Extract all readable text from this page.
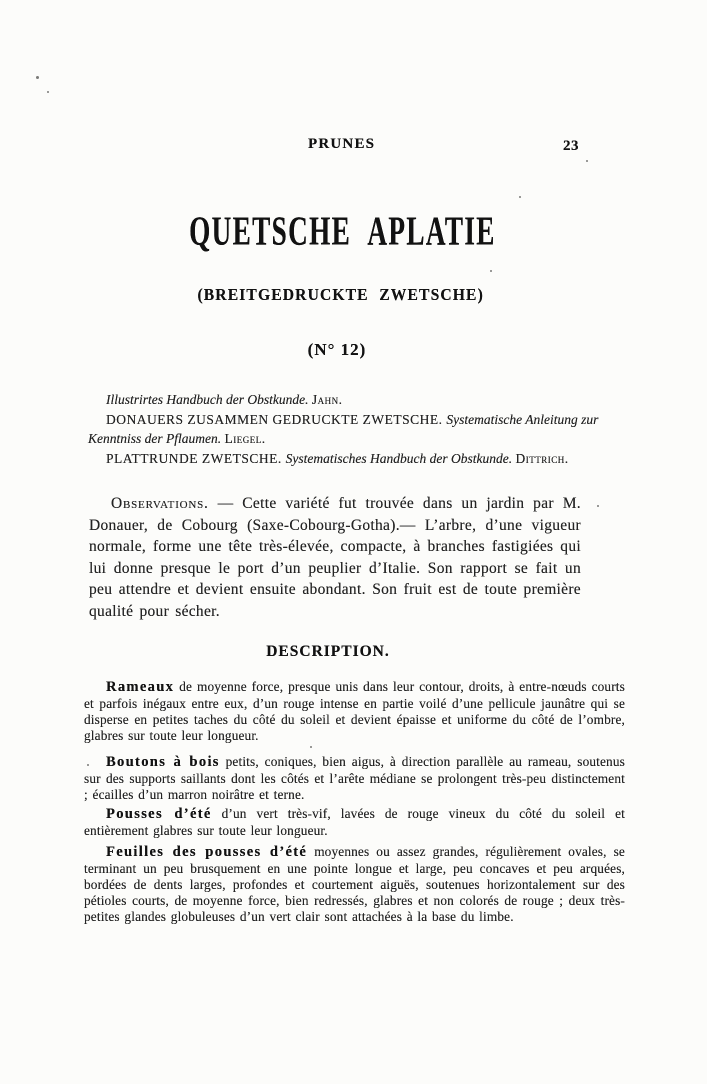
PRUNES	23
QUETSCHE APLATIE
(BREITGEDRUCKTE ZWETSCHE)
(N° 12)

Illustrirtes Handbuch der Obstkunde. Jahn.

DONAUERS ZUSAMMEN GEDRUCKTE ZWETSCHE. Systematische Anleitung zur Kenntniss der Pflaumen. Liegel.

PLATTRUNDE ZWETSCHE. Systematisches Handbuch der Obstkunde. Dittrich.

Observations. — Cette variété fut trouvée dans un jardin par M. Donauer, de Cobourg (Saxe-Cobourg-Gotha).— L’arbre, d’une vigueur normale, forme une tête très-élevée, compacte, à branches fastigiées qui lui donne presque le port d’un peuplier d’Italie. Son rapport se fait un peu attendre et devient ensuite abondant. Son fruit est de toute première qualité pour sécher.

DESCRIPTION.

Rameaux de moyenne force, presque unis dans leur contour, droits, à entre-nœuds courts et parfois inégaux entre eux, d’un rouge intense en partie voilé d’une pellicule jaunâtre qui se disperse en petites taches du côté du soleil et devient épaisse et uniforme du côté de l’ombre, glabres sur toute leur longueur.

Boutons à bois petits, coniques, bien aigus, à direction parallèle au rameau, soutenus sur des supports saillants dont les côtés et l’arête médiane se prolongent très-peu distinctement ; écailles d’un marron noirâtre et terne.

Pousses d’été d’un vert très-vif, lavées de rouge vineux du côté du soleil et entièrement glabres sur toute leur longueur.

Feuilles des pousses d’été moyennes ou assez grandes, régulièrement ovales, se terminant un peu brusquement en une pointe longue et large, peu concaves et peu arquées, bordées de dents larges, profondes et courtement aiguës, soutenues horizontalement sur des pétioles courts, de moyenne force, bien redressés, glabres et non colorés de rouge ; deux très-petites glandes globuleuses d’un vert clair sont attachées à la base du limbe.
